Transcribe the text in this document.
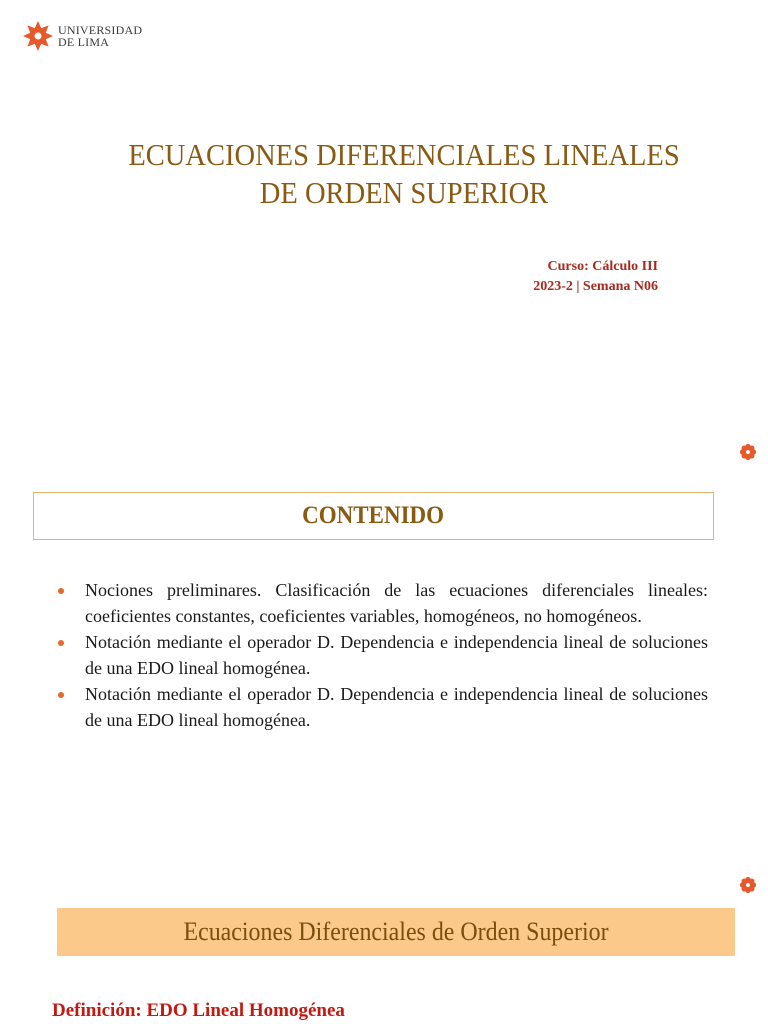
UNIVERSIDAD
DE LIMA
ECUACIONES DIFERENCIALES LINEALES
DE ORDEN SUPERIOR
Curso: Cálculo III
2023-2 | Semana N06
CONTENIDO
Nociones preliminares. Clasificación de las ecuaciones diferenciales lineales: coeficientes constantes, coeficientes variables, homogéneos, no homogéneos.
Notación mediante el operador D. Dependencia e independencia lineal de soluciones de una EDO lineal homogénea.
Notación mediante el operador D. Dependencia e independencia lineal de soluciones de una EDO lineal homogénea.
Ecuaciones Diferenciales de Orden Superior
Definición: EDO Lineal Homogénea
